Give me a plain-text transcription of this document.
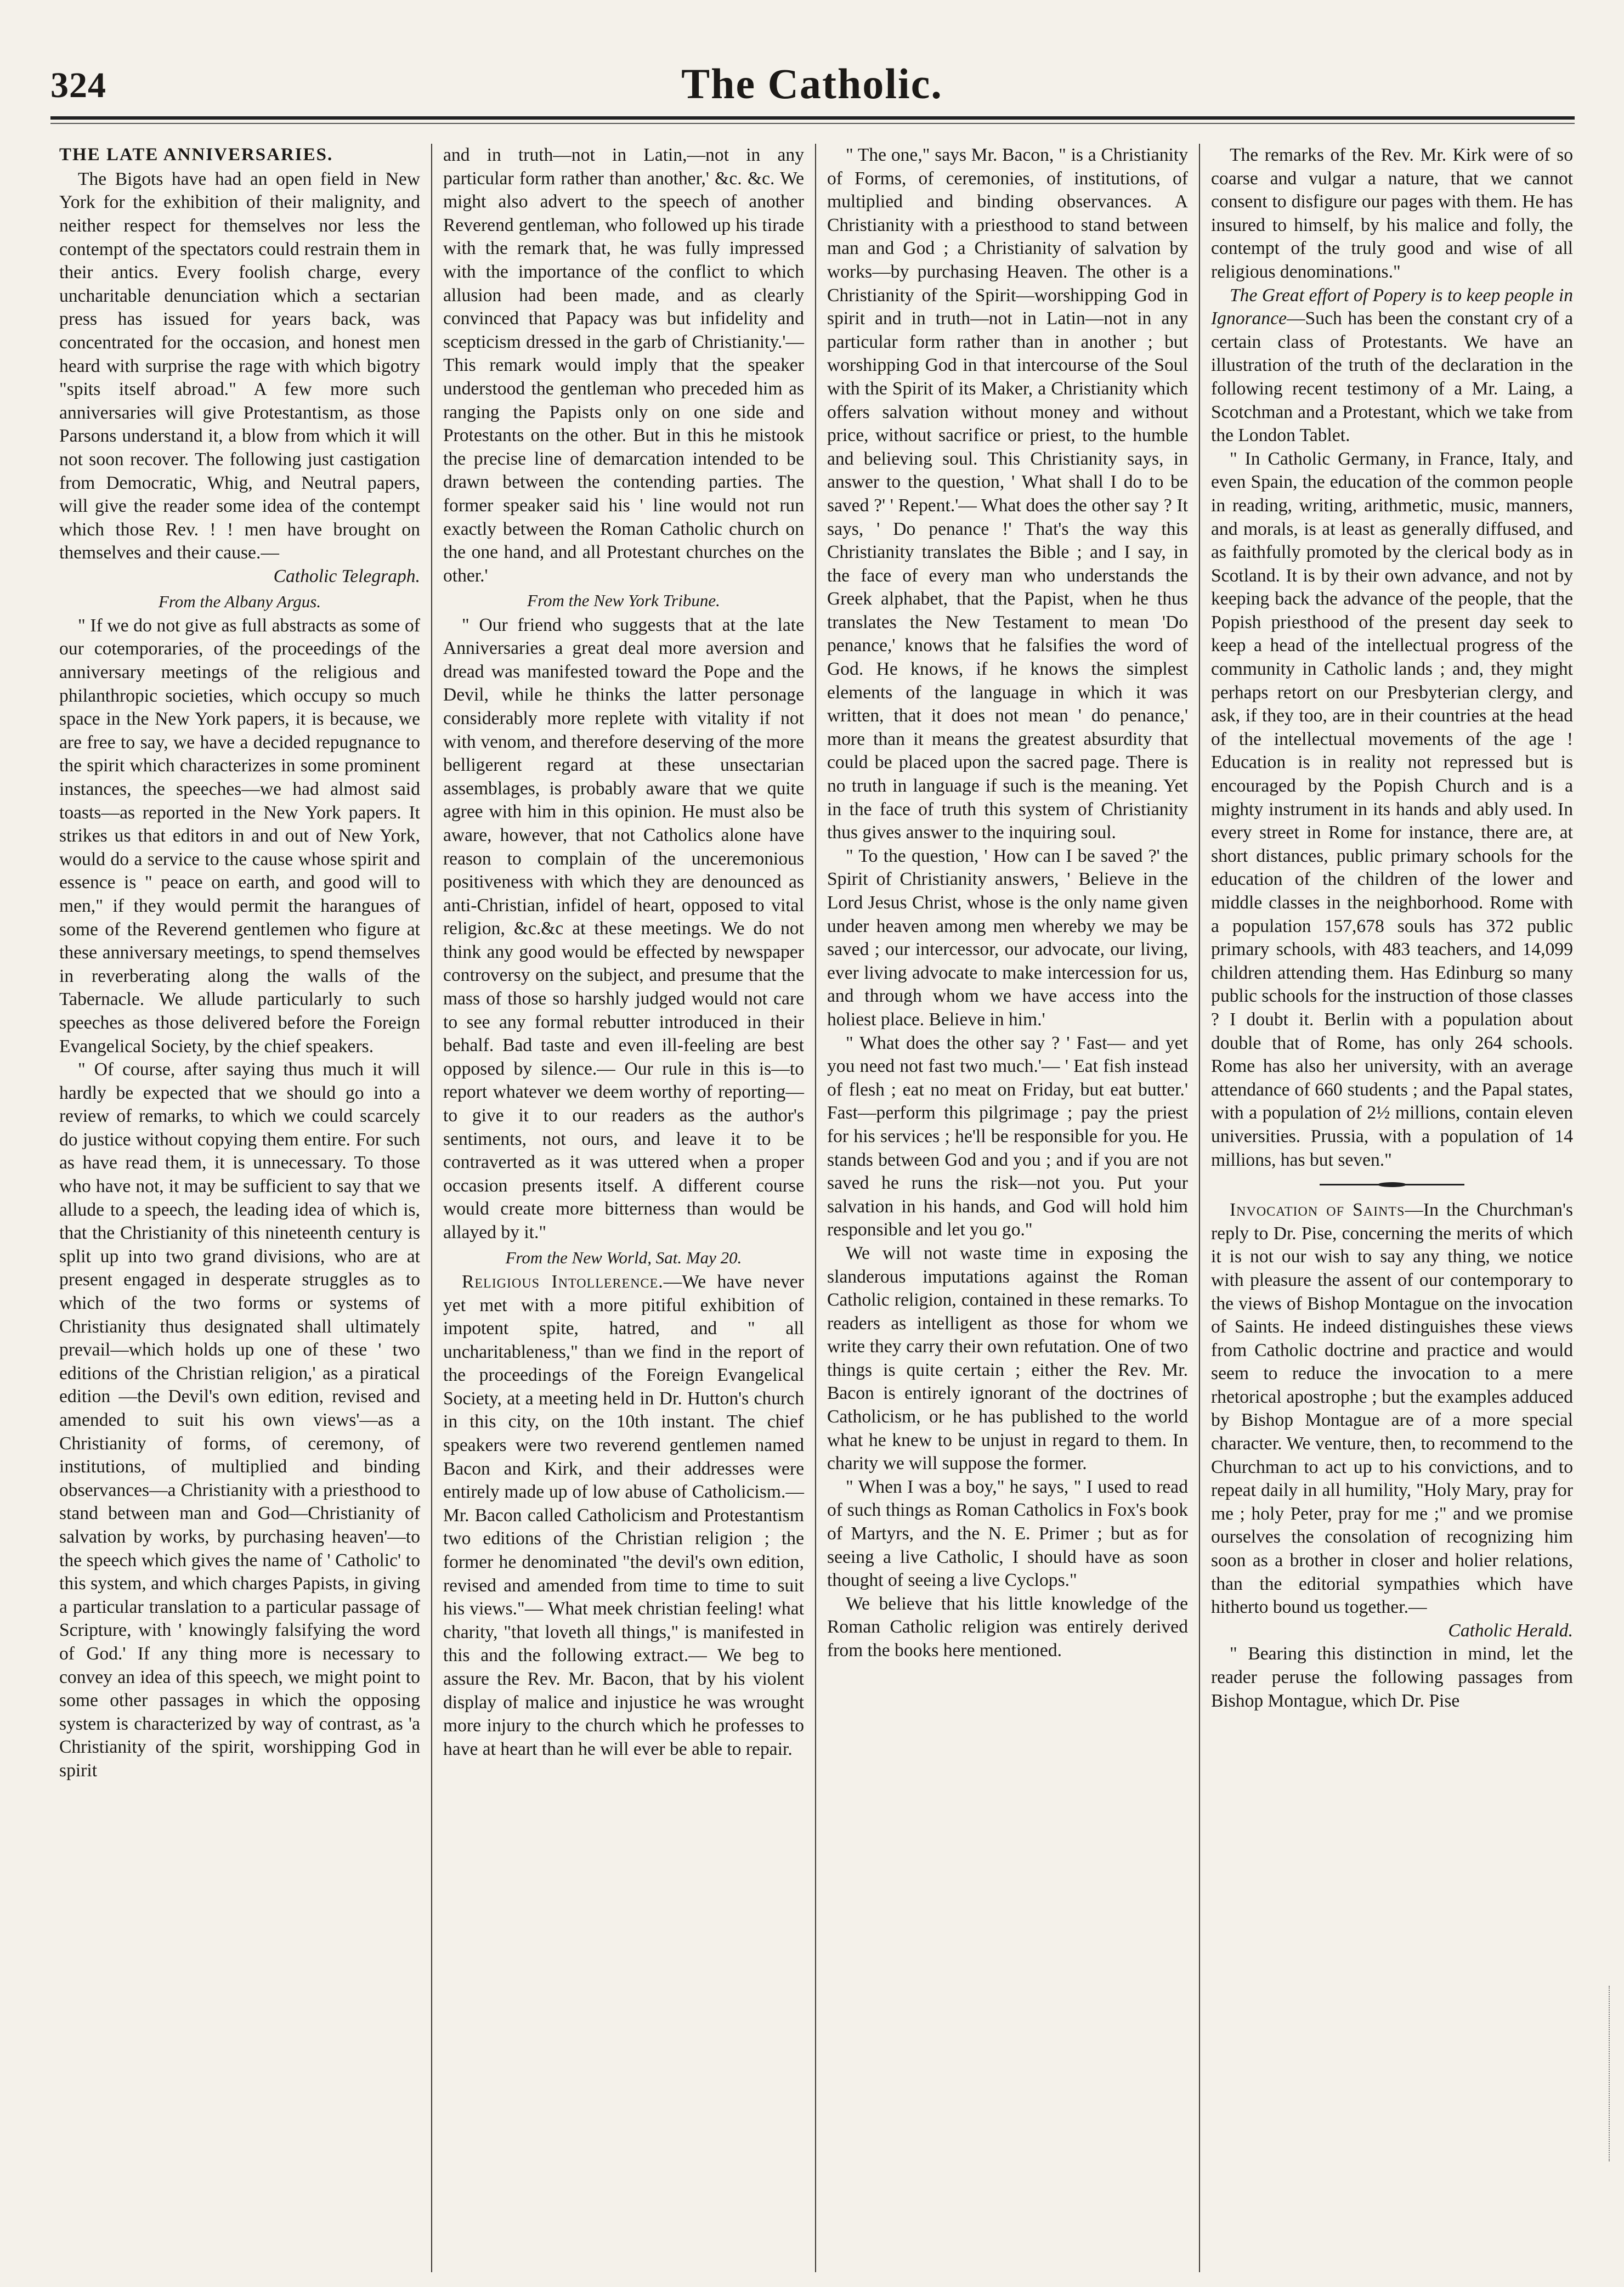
324	The Catholic.

THE LATE ANNIVERSARIES.

The Bigots have had an open field in New York for the exhibition of their malignity, and neither respect for themselves nor less the contempt of the spectators could restrain them in their antics. Every foolish charge, every uncharitable denunciation which a sectarian press has issued for years back, was concentrated for the occasion, and honest men heard with surprise the rage with which bigotry "spits itself abroad." A few more such anniversaries will give Protestantism, as those Parsons understand it, a blow from which it will not soon recover. The following just castigation from Democratic, Whig, and Neutral papers, will give the reader some idea of the contempt which those Rev. ! ! men have brought on themselves and their cause.—

Catholic Telegraph.

From the Albany Argus.

" If we do not give as full abstracts as some of our cotemporaries, of the proceedings of the anniversary meetings of the religious and philanthropic societies, which occupy so much space in the New York papers, it is because, we are free to say, we have a decided repugnance to the spirit which characterizes in some prominent instances, the speeches—we had almost said toasts—as reported in the New York papers. It strikes us that editors in and out of New York, would do a service to the cause whose spirit and essence is " peace on earth, and good will to men," if they would permit the harangues of some of the Reverend gentlemen who figure at these anniversary meetings, to spend themselves in reverberating along the walls of the Tabernacle. We allude particularly to such speeches as those delivered before the Foreign Evangelical Society, by the chief speakers.

" Of course, after saying thus much it will hardly be expected that we should go into a review of remarks, to which we could scarcely do justice without copying them entire. For such as have read them, it is unnecessary. To those who have not, it may be sufficient to say that we allude to a speech, the leading idea of which is, that the Christianity of this nineteenth century is split up into two grand divisions, who are at present engaged in desperate struggles as to which of the two forms or systems of Christianity thus designated shall ultimately prevail—which holds up one of these ' two editions of the Christian religion,' as a piratical edition —the Devil's own edition, revised and amended to suit his own views'—as a Christianity of forms, of ceremony, of institutions, of multiplied and binding observances—a Christianity with a priesthood to stand between man and God—Christianity of salvation by works, by purchasing heaven'—to the speech which gives the name of ' Catholic' to this system, and which charges Papists, in giving a particular translation to a particular passage of Scripture, with ' knowingly falsifying the word of God.' If any thing more is necessary to convey an idea of this speech, we might point to some other passages in which the opposing system is characterized by way of contrast, as 'a Christianity of the spirit, worshipping God in spirit

and in truth—not in Latin,—not in any particular form rather than another,' &c. &c. We might also advert to the speech of another Reverend gentleman, who followed up his tirade with the remark that, he was fully impressed with the importance of the conflict to which allusion had been made, and as clearly convinced that Papacy was but infidelity and scepticism dressed in the garb of Christianity.'— This remark would imply that the speaker understood the gentleman who preceded him as ranging the Papists only on one side and Protestants on the other. But in this he mistook the precise line of demarcation intended to be drawn between the contending parties. The former speaker said his ' line would not run exactly between the Roman Catholic church on the one hand, and all Protestant churches on the other.'

From the New York Tribune.

" Our friend who suggests that at the late Anniversaries a great deal more aversion and dread was manifested toward the Pope and the Devil, while he thinks the latter personage considerably more replete with vitality if not with venom, and therefore deserving of the more belligerent regard at these unsectarian assemblages, is probably aware that we quite agree with him in this opinion. He must also be aware, however, that not Catholics alone have reason to complain of the unceremonious positiveness with which they are denounced as anti-Christian, infidel of heart, opposed to vital religion, &c.&c at these meetings. We do not think any good would be effected by newspaper controversy on the subject, and presume that the mass of those so harshly judged would not care to see any formal rebutter introduced in their behalf. Bad taste and even ill-feeling are best opposed by silence.— Our rule in this is—to report whatever we deem worthy of reporting—to give it to our readers as the author's sentiments, not ours, and leave it to be contraverted as it was uttered when a proper occasion presents itself. A different course would create more bitterness than would be allayed by it."

From the New World, Sat. May 20.

Religious Intollerence.—We have never yet met with a more pitiful exhibition of impotent spite, hatred, and " all uncharitableness," than we find in the report of the proceedings of the Foreign Evangelical Society, at a meeting held in Dr. Hutton's church in this city, on the 10th instant. The chief speakers were two reverend gentlemen named Bacon and Kirk, and their addresses were entirely made up of low abuse of Catholicism.— Mr. Bacon called Catholicism and Protestantism two editions of the Christian religion ; the former he denominated "the devil's own edition, revised and amended from time to time to suit his views."— What meek christian feeling! what charity, "that loveth all things," is manifested in this and the following extract.— We beg to assure the Rev. Mr. Bacon, that by his violent display of malice and injustice he was wrought more injury to the church which he professes to have at heart than he will ever be able to repair.

" The one," says Mr. Bacon, " is a Christianity of Forms, of ceremonies, of institutions, of multiplied and binding observances. A Christianity with a priesthood to stand between man and God ; a Christianity of salvation by works—by purchasing Heaven. The other is a Christianity of the Spirit—worshipping God in spirit and in truth—not in Latin—not in any particular form rather than in another ; but worshipping God in that intercourse of the Soul with the Spirit of its Maker, a Christianity which offers salvation without money and without price, without sacrifice or priest, to the humble and believing soul. This Christianity says, in answer to the question, ' What shall I do to be saved ?' ' Repent.'— What does the other say ? It says, ' Do penance !' That's the way this Christianity translates the Bible ; and I say, in the face of every man who understands the Greek alphabet, that the Papist, when he thus translates the New Testament to mean 'Do penance,' knows that he falsifies the word of God. He knows, if he knows the simplest elements of the language in which it was written, that it does not mean ' do penance,' more than it means the greatest absurdity that could be placed upon the sacred page. There is no truth in language if such is the meaning. Yet in the face of truth this system of Christianity thus gives answer to the inquiring soul.

" To the question, ' How can I be saved ?' the Spirit of Christianity answers, ' Believe in the Lord Jesus Christ, whose is the only name given under heaven among men whereby we may be saved ; our intercessor, our advocate, our living, ever living advocate to make intercession for us, and through whom we have access into the holiest place. Believe in him.'

" What does the other say ? ' Fast— and yet you need not fast two much.'— ' Eat fish instead of flesh ; eat no meat on Friday, but eat butter.' Fast—perform this pilgrimage ; pay the priest for his services ; he'll be responsible for you. He stands between God and you ; and if you are not saved he runs the risk—not you. Put your salvation in his hands, and God will hold him responsible and let you go."

We will not waste time in exposing the slanderous imputations against the Roman Catholic religion, contained in these remarks. To readers as intelligent as those for whom we write they carry their own refutation. One of two things is quite certain ; either the Rev. Mr. Bacon is entirely ignorant of the doctrines of Catholicism, or he has published to the world what he knew to be unjust in regard to them. In charity we will suppose the former.

" When I was a boy," he says, " I used to read of such things as Roman Catholics in Fox's book of Martyrs, and the N. E. Primer ; but as for seeing a live Catholic, I should have as soon thought of seeing a live Cyclops."

We believe that his little knowledge of the Roman Catholic religion was entirely derived from the books here mentioned.

The remarks of the Rev. Mr. Kirk were of so coarse and vulgar a nature, that we cannot consent to disfigure our pages with them. He has insured to himself, by his malice and folly, the contempt of the truly good and wise of all religious denominations."

The Great effort of Popery is to keep people in Ignorance—Such has been the constant cry of a certain class of Protestants. We have an illustration of the truth of the declaration in the following recent testimony of a Mr. Laing, a Scotchman and a Protestant, which we take from the London Tablet.

" In Catholic Germany, in France, Italy, and even Spain, the education of the common people in reading, writing, arithmetic, music, manners, and morals, is at least as generally diffused, and as faithfully promoted by the clerical body as in Scotland. It is by their own advance, and not by keeping back the advance of the people, that the Popish priesthood of the present day seek to keep a head of the intellectual progress of the community in Catholic lands ; and, they might perhaps retort on our Presbyterian clergy, and ask, if they too, are in their countries at the head of the intellectual movements of the age ! Education is in reality not repressed but is encouraged by the Popish Church and is a mighty instrument in its hands and ably used. In every street in Rome for instance, there are, at short distances, public primary schools for the education of the children of the lower and middle classes in the neighborhood. Rome with a population 157,678 souls has 372 public primary schools, with 483 teachers, and 14,099 children attending them. Has Edinburg so many public schools for the instruction of those classes ? I doubt it. Berlin with a population about double that of Rome, has only 264 schools. Rome has also her university, with an average attendance of 660 students ; and the Papal states, with a population of 2½ millions, contain eleven universities. Prussia, with a population of 14 millions, has but seven."

Invocation of Saints—In the Churchman's reply to Dr. Pise, concerning the merits of which it is not our wish to say any thing, we notice with pleasure the assent of our contemporary to the views of Bishop Montague on the invocation of Saints. He indeed distinguishes these views from Catholic doctrine and practice and would seem to reduce the invocation to a mere rhetorical apostrophe ; but the examples adduced by Bishop Montague are of a more special character. We venture, then, to recommend to the Churchman to act up to his convictions, and to repeat daily in all humility, "Holy Mary, pray for me ; holy Peter, pray for me ;" and we promise ourselves the consolation of recognizing him soon as a brother in closer and holier relations, than the editorial sympathies which have hitherto bound us together.—

Catholic Herald.

" Bearing this distinction in mind, let the reader peruse the following passages from Bishop Montague, which Dr. Pise
